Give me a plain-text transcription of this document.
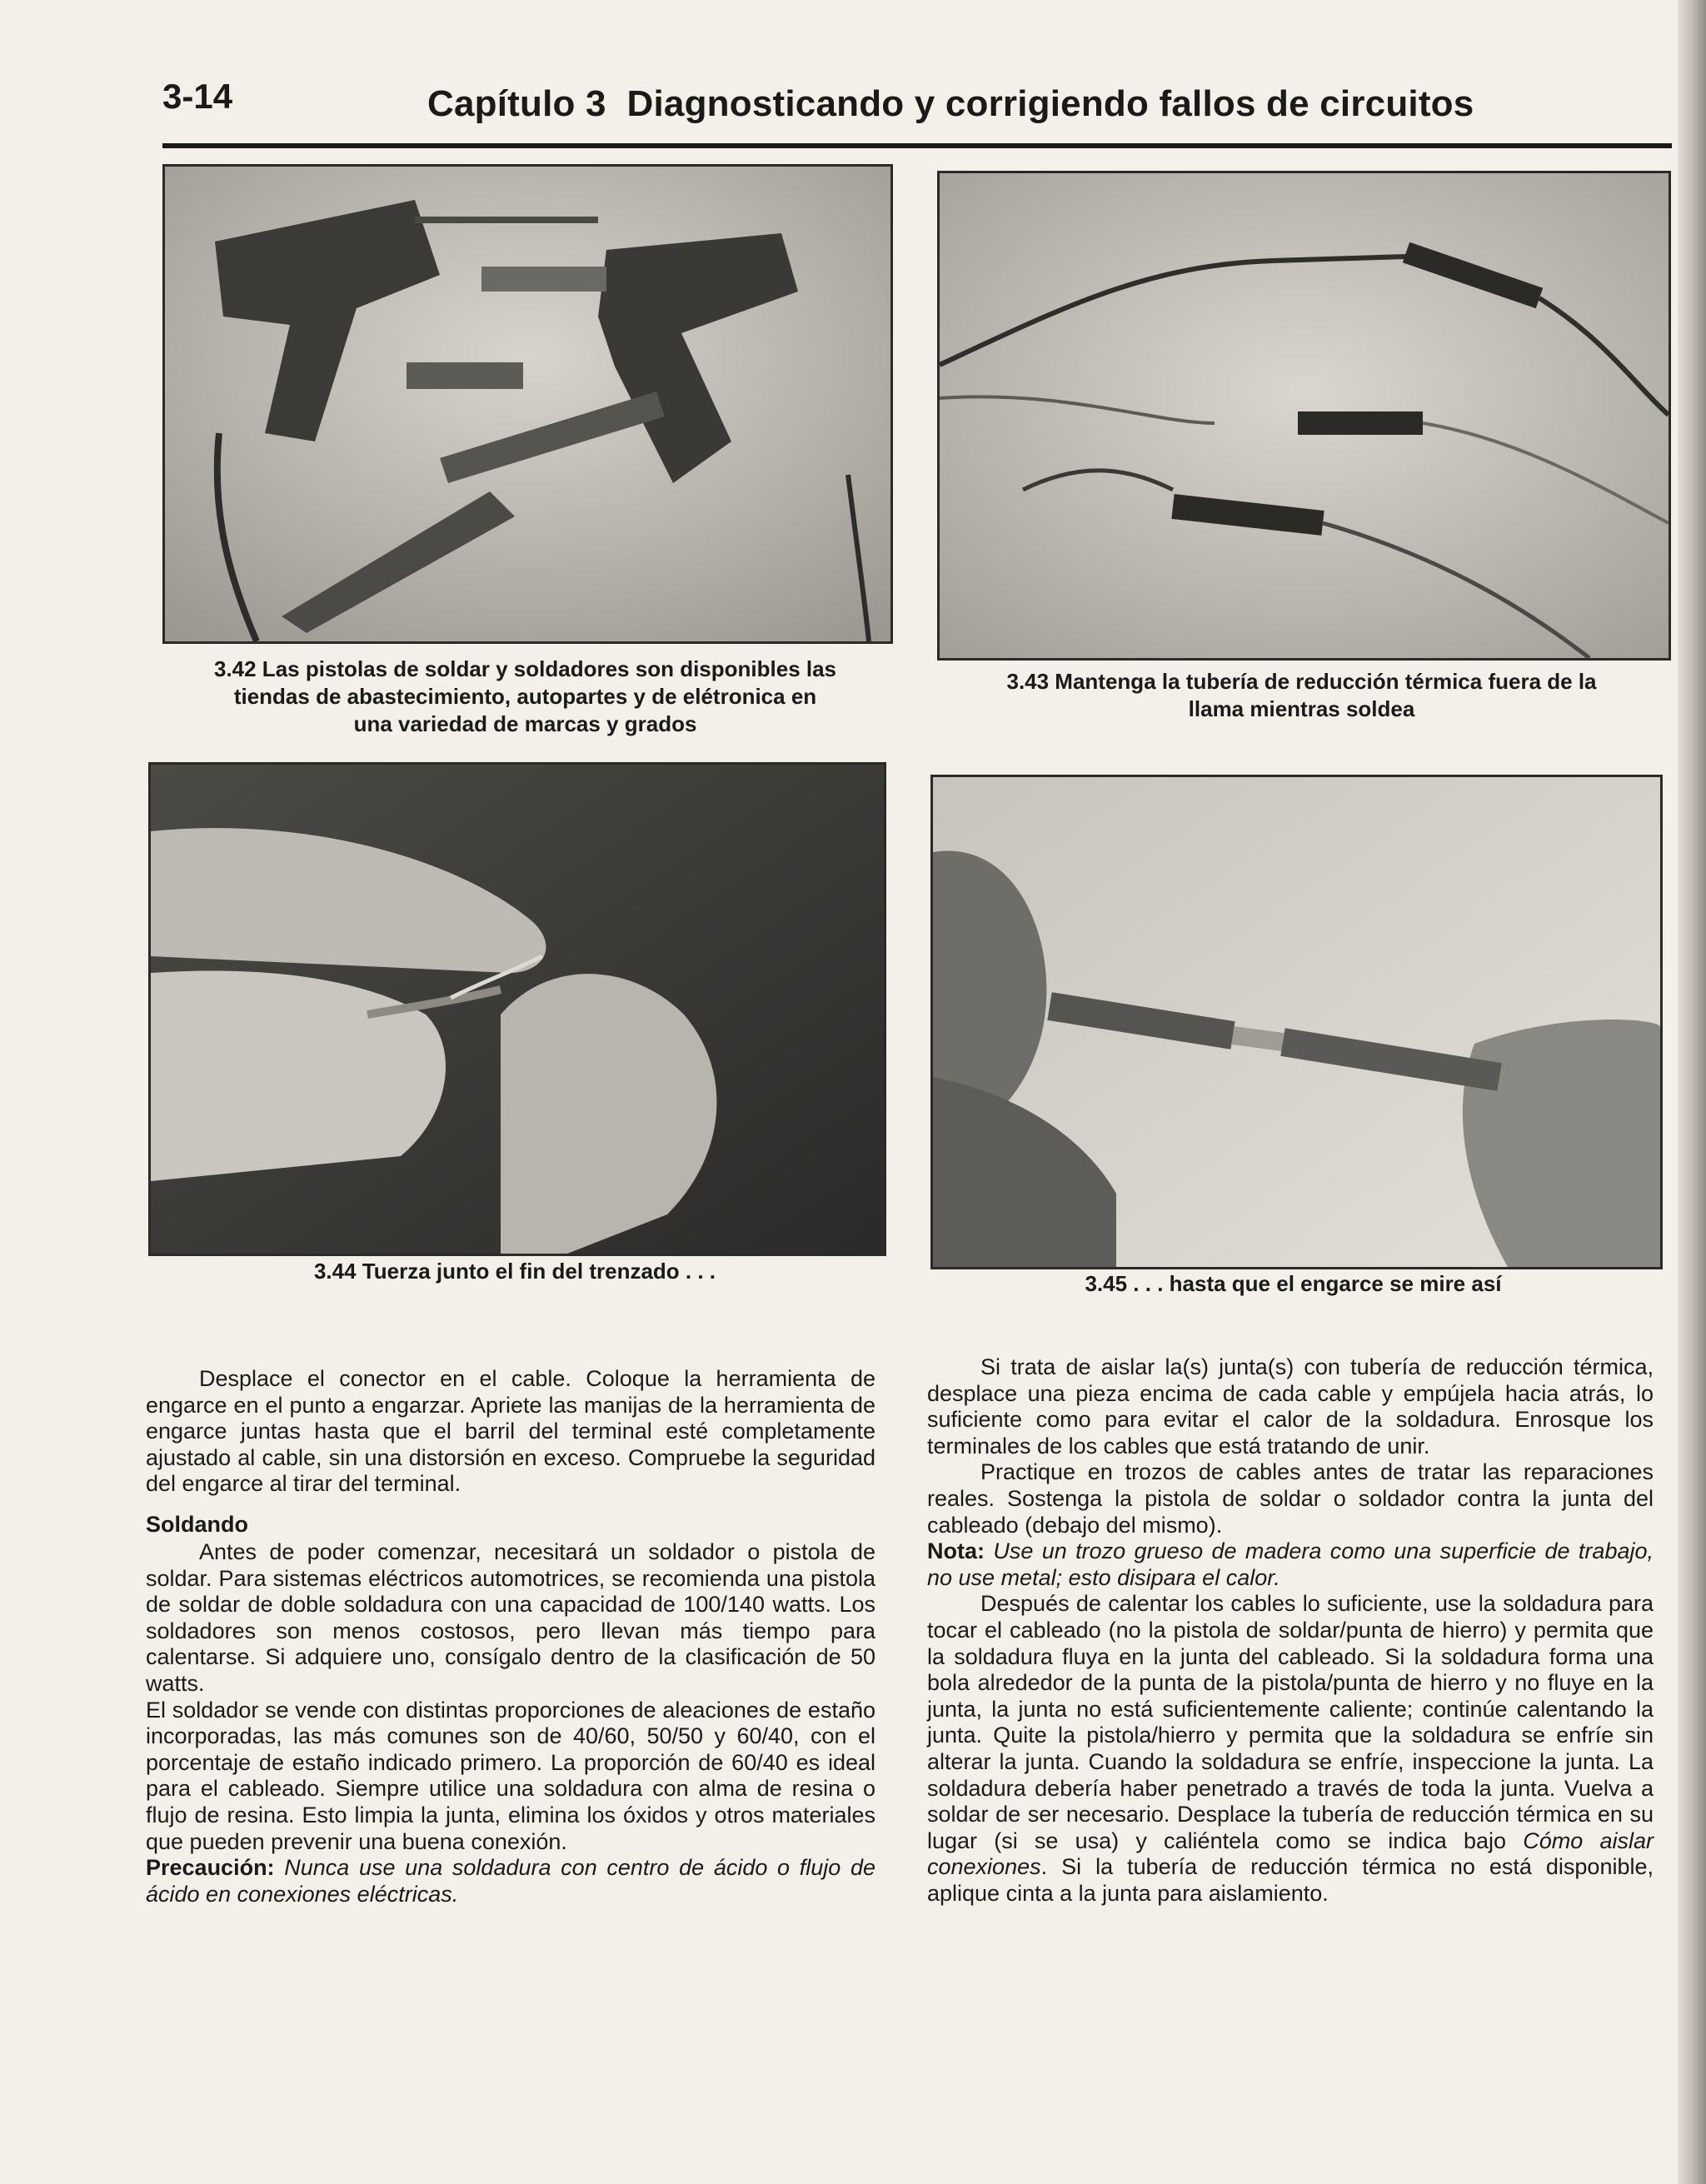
3-14	Capítulo 3  Diagnosticando y corrigiendo fallos de circuitos
3.42 Las pistolas de soldar y soldadores son disponibles las
tiendas de abastecimiento, autopartes y de elétronica en
una variedad de marcas y grados
3.43 Mantenga la tubería de reducción térmica fuera de la
llama mientras soldea
3.44 Tuerza junto el fin del trenzado . . .	3.45 . . . hasta que el engarce se mire así

Desplace el conector en el cable. Coloque la herramienta de engarce en el punto a engarzar. Apriete las manijas de la herramienta de engarce juntas hasta que el barril del terminal esté completamente ajustado al cable, sin una distorsión en exceso. Compruebe la seguridad del engarce al tirar del terminal.

Soldando

Antes de poder comenzar, necesitará un soldador o pistola de soldar. Para sistemas eléctricos automotrices, se recomienda una pistola de soldar de doble soldadura con una capacidad de 100/140 watts. Los soldadores son menos costosos, pero llevan más tiempo para calentarse. Si adquiere uno, consígalo dentro de la clasificación de 50 watts.

El soldador se vende con distintas proporciones de aleaciones de estaño incorporadas, las más comunes son de 40/60, 50/50 y 60/40, con el porcentaje de estaño indicado primero. La proporción de 60/40 es ideal para el cableado. Siempre utilice una soldadura con alma de resina o flujo de resina. Esto limpia la junta, elimina los óxidos y otros materiales que pueden prevenir una buena conexión.

Precaución: Nunca use una soldadura con centro de ácido o flujo de ácido en conexiones eléctricas.

Si trata de aislar la(s) junta(s) con tubería de reducción térmica, desplace una pieza encima de cada cable y empújela hacia atrás, lo suficiente como para evitar el calor de la soldadura. Enrosque los terminales de los cables que está tratando de unir.

Practique en trozos de cables antes de tratar las reparaciones reales. Sostenga la pistola de soldar o soldador contra la junta del cableado (debajo del mismo).

Nota: Use un trozo grueso de madera como una superficie de trabajo, no use metal; esto disipara el calor.

Después de calentar los cables lo suficiente, use la soldadura para tocar el cableado (no la pistola de soldar/punta de hierro) y permita que la soldadura fluya en la junta del cableado. Si la soldadura forma una bola alrededor de la punta de la pistola/punta de hierro y no fluye en la junta, la junta no está suficientemente caliente; continúe calentando la junta. Quite la pistola/hierro y permita que la soldadura se enfríe sin alterar la junta. Cuando la soldadura se enfríe, inspeccione la junta. La soldadura debería haber penetrado a través de toda la junta. Vuelva a soldar de ser necesario. Desplace la tubería de reducción térmica en su lugar (si se usa) y caliéntela como se indica bajo Cómo aislar conexiones. Si la tubería de reducción térmica no está disponible, aplique cinta a la junta para aislamiento.
